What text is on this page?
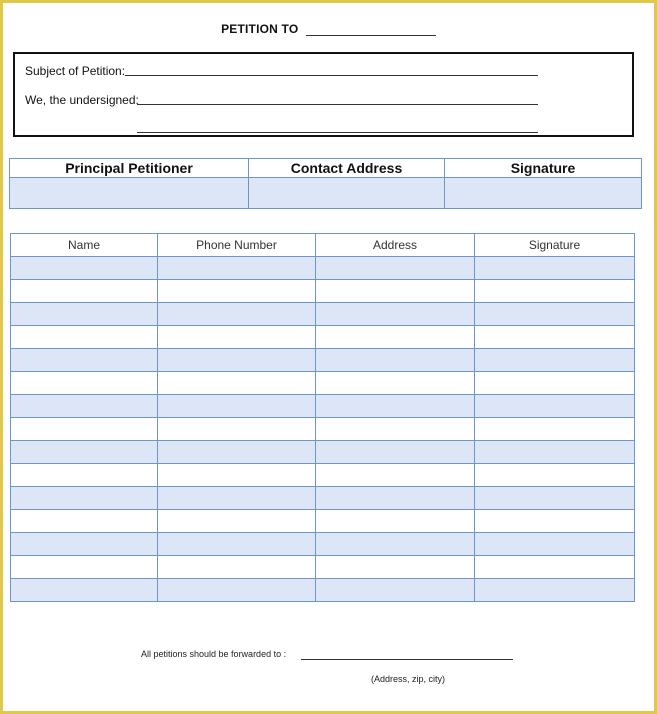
PETITION TO
Subject of Petition:
We, the undersigned:
Principal Petitioner	Contact Address	Signature

Name	Phone Number	Address	Signature

All petitions should be forwarded to :
(Address, zip, city)
